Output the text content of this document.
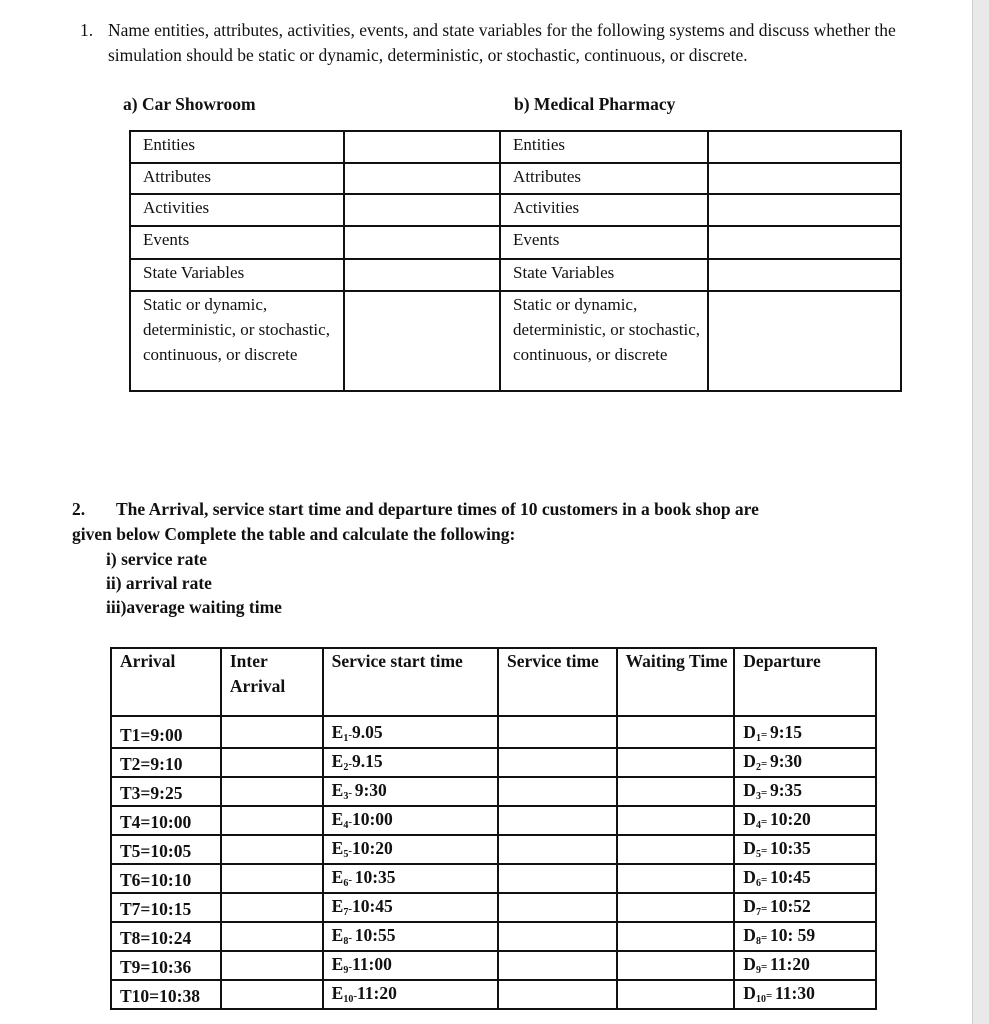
1. Name entities, attributes, activities, events, and state variables for the following systems and discuss whether the simulation should be static or dynamic, deterministic, or stochastic, continuous, or discrete.
a) Car Showroom	b) Medical Pharmacy
Entities		Entities	
Attributes		Attributes	
Activities		Activities	
Events		Events	
State Variables		State Variables	
Static or dynamic, deterministic, or stochastic, continuous, or discrete		Static or dynamic, deterministic, or stochastic, continuous, or discrete	
2. The Arrival, service start time and departure times of 10 customers in a book shop are
given below Complete the table and calculate the following:
i) service rate
ii) arrival rate
iii)average waiting time
Arrival	Inter Arrival	Service start time	Service time	Waiting Time	Departure
T1=9:00		$E_1-9.05$			$D_1=$ 9:15
T2=9:10		$E_2-9.15$			$D_2=$ 9:30
T3=9:25		$E_3-$ 9:30			$D_3=$ 9:35
T4=10:00		$E_4-10:00$			$D_4=$ 10:20
T5=10:05		$E_5-10:20$			$D_5=$ 10:35
T6=10:10		$E_6-$ 10:35			$D_6=$ 10:45
T7=10:15		$E_7-10:45$			$D_7=$ 10:52
T8=10:24		$E_8-$ 10:55			$D_8= 10$: 59
T9=10:36		$E_9-11:00$			$D_9=$ 11:20
T10=10:38		$E_{10}-11:20$			$D_{10}=$ 11:30
